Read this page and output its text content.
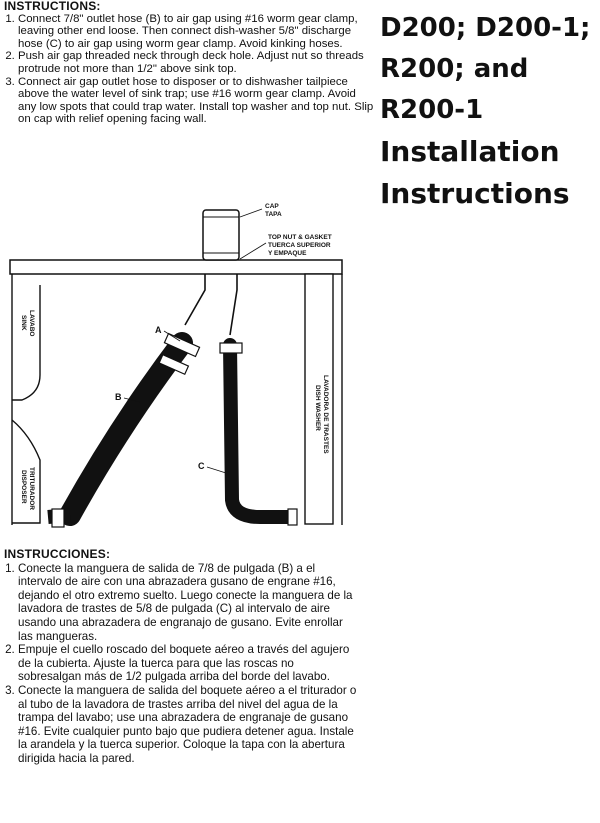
INSTRUCTIONS:
1. Connect 7/8" outlet hose (B) to air gap using #16 worm gear clamp, leaving other end loose. Then connect dish-washer 5/8" discharge hose (C) to air gap using worm gear clamp. Avoid kinking hoses.
2. Push air gap threaded neck through deck hole. Adjust nut so threads protrude not more than 1/2" above sink top.
3. Connect air gap outlet hose to disposer or to dishwasher tailpiece above the water level of sink trap; use #16 worm gear clamp. Avoid any low spots that could trap water. Install top washer and top nut. Slip on cap with relief opening facing wall.
D200; D200-1;
R200; and
R200-1
Installation
Instructions
CAP
TAPA
TOP NUT & GASKET
TUERCA SUPERIOR
Y EMPAQUE
A
B
C
SINK LAVABO
DISPOSER TRITURADOR
DISH WASHER LAVADORA DE TRASTES
INSTRUCCIONES:
1. Conecte la manguera de salida de 7/8 de pulgada (B) a el intervalo de aire con una abrazadera gusano de engrane #16, dejando el otro extremo suelto. Luego conecte la manguera de la lavadora de trastes de 5/8 de pulgada (C) al intervalo de aire usando una abrazadera de engranajo de gusano. Evite enrollar las mangueras.
2. Empuje el cuello roscado del boquete aéreo a través del agujero de la cubierta. Ajuste la tuerca para que las roscas no sobresalgan más de 1/2 pulgada arriba del borde del lavabo.
3. Conecte la manguera de salida del boquete aéreo a el triturador o al tubo de la lavadora de trastes arriba del nivel del agua de la trampa del lavabo; use una abrazadera de engranaje de gusano #16. Evite cualquier punto bajo que pudiera detener agua. Instale la arandela y la tuerca superior. Coloque la tapa con la abertura dirigida hacia la pared.
